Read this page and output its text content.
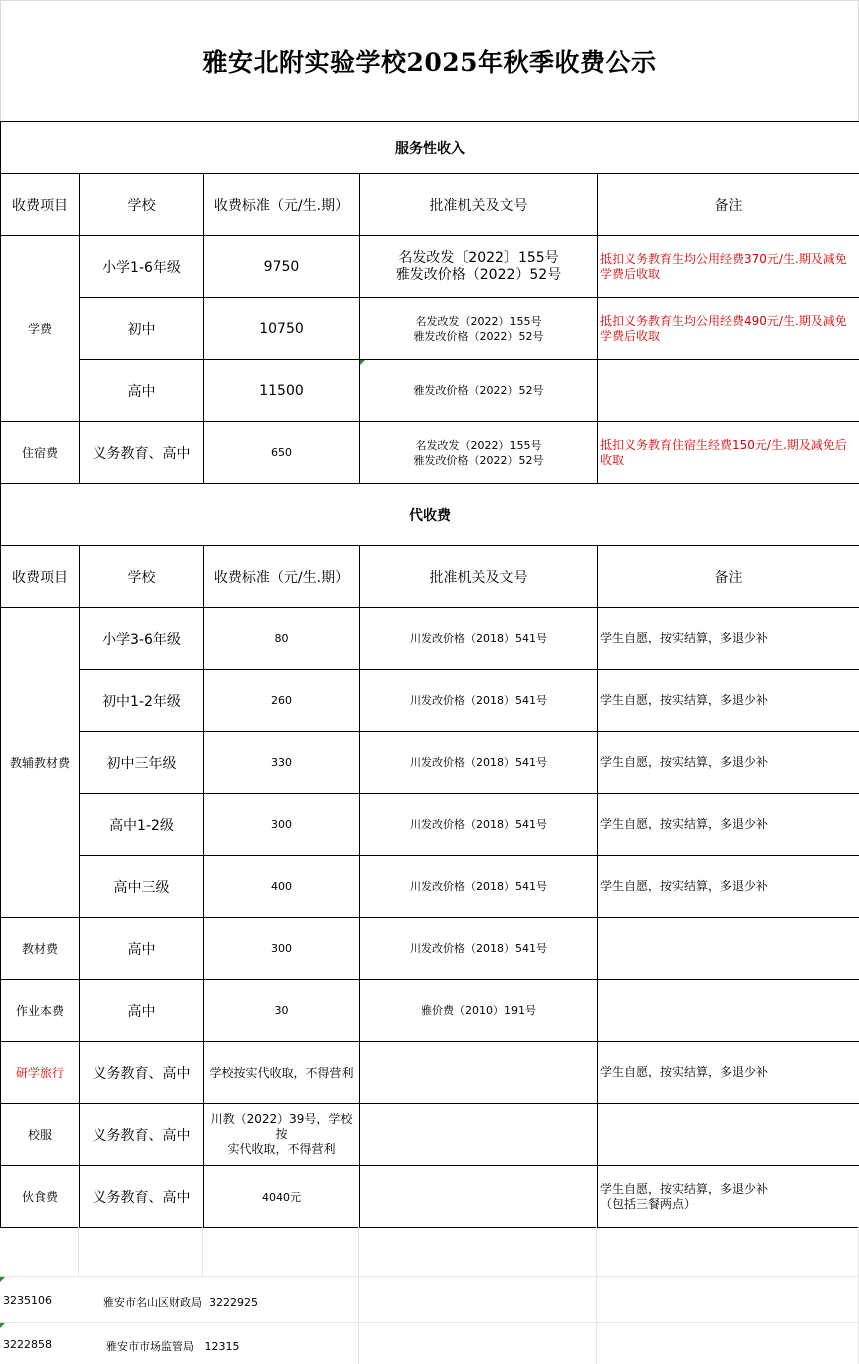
雅安北附实验学校2025年秋季收费公示
服务性收入				
收费项目	学校	收费标准（元/生.期）	批准机关及文号	备注
学费	小学1-6年级	9750	名发改发〔2022〕155号
雅发改价格（2022）52号	抵扣义务教育生均公用经费370元/生.期及减免学费后收取
	初中	10750	名发改发（2022）155号
雅发改价格（2022）52号	抵扣义务教育生均公用经费490元/生.期及减免学费后收取
	高中	11500	雅发改价格（2022）52号	

住宿费	义务教育、高中	650	名发改发（2022）155号
雅发改价格（2022）52号	抵扣义务教育住宿生经费150元/生.期及减免后收取
代收费				
收费项目	学校	收费标准（元/生.期）	批准机关及文号	备注
教辅教材费	小学3-6年级	80	川发改价格（2018）541号	学生自愿，按实结算，多退少补
	初中1-2年级	260	川发改价格（2018）541号	学生自愿，按实结算，多退少补
	初中三年级	330	川发改价格（2018）541号	学生自愿，按实结算，多退少补
	高中1-2级	300	川发改价格（2018）541号	学生自愿，按实结算，多退少补
	高中三级	400	川发改价格（2018）541号	学生自愿，按实结算，多退少补
教材费	高中	300	川发改价格（2018）541号	
作业本费	高中	30	雅价费（2010）191号	
研学旅行	义务教育、高中	学校按实代收取，不得营利		学生自愿，按实结算，多退少补
校服	义务教育、高中	川教（2022）39号，学校按
实代收取，不得营利		

伙食费	义务教育、高中	4040元		学生自愿，按实结算，多退少补
（包括三餐两点）
3235106	雅安市名山区财政局  3222925
3222858	雅安市市场监管局   12315
